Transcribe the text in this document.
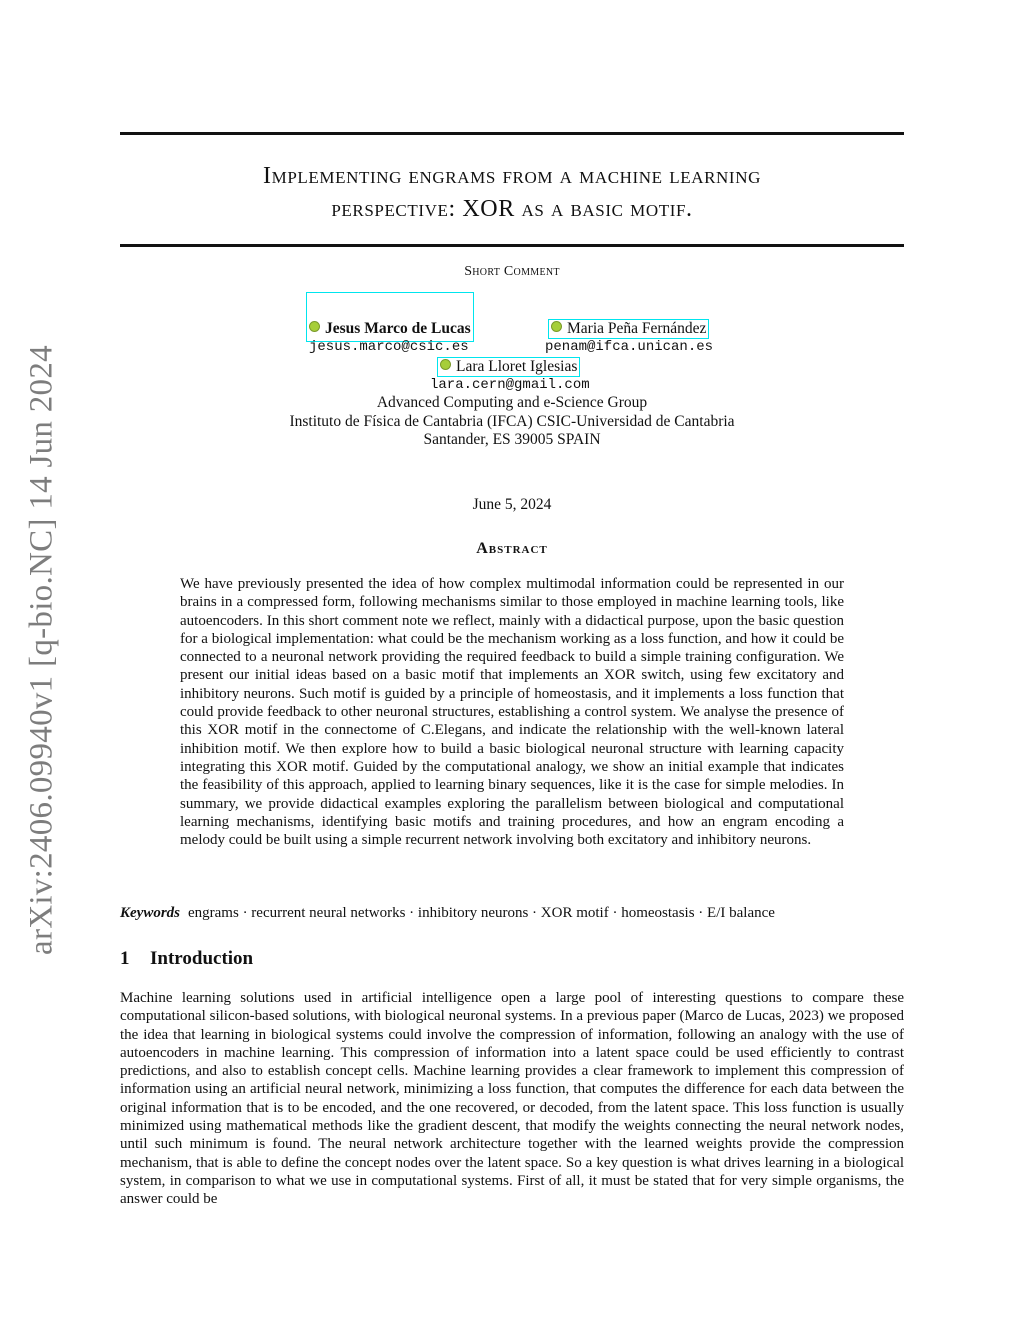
arXiv:2406.09940v1 [q-bio.NC] 14 Jun 2024
Implementing engrams from a machine learning
perspective: XOR as a basic motif.
Short Comment
Jesus Marco de Lucas
jesus.marco@csic.es
Maria Peña Fernández
penam@ifca.unican.es
Lara Lloret Iglesias
lara.cern@gmail.com
Advanced Computing and e-Science Group
Instituto de Física de Cantabria (IFCA) CSIC-Universidad de Cantabria
Santander, ES 39005 SPAIN
June 5, 2024
Abstract

We have previously presented the idea of how complex multimodal information could be represented in our brains in a compressed form, following mechanisms similar to those employed in machine learning tools, like autoencoders. In this short comment note we reflect, mainly with a didactical purpose, upon the basic question for a biological implementation: what could be the mechanism working as a loss function, and how it could be connected to a neuronal network providing the required feedback to build a simple training configuration. We present our initial ideas based on a basic motif that implements an XOR switch, using few excitatory and inhibitory neurons. Such motif is guided by a principle of homeostasis, and it implements a loss function that could provide feedback to other neuronal structures, establishing a control system. We analyse the presence of this XOR motif in the connectome of C.Elegans, and indicate the relationship with the well-known lateral inhibition motif. We then explore how to build a basic biological neuronal structure with learning capacity integrating this XOR motif. Guided by the computational analogy, we show an initial example that indicates the feasibility of this approach, applied to learning binary sequences, like it is the case for simple melodies. In summary, we provide didactical examples exploring the parallelism between biological and computational learning mechanisms, identifying basic motifs and training procedures, and how an engram encoding a melody could be built using a simple recurrent network involving both excitatory and inhibitory neurons.

Keywords engrams · recurrent neural networks · inhibitory neurons · XOR motif · homeostasis · E/I balance
1 Introduction

Machine learning solutions used in artificial intelligence open a large pool of interesting questions to compare these computational silicon-based solutions, with biological neuronal systems. In a previous paper (Marco de Lucas, 2023) we proposed the idea that learning in biological systems could involve the compression of information, following an analogy with the use of autoencoders in machine learning. This compression of information into a latent space could be used efficiently to contrast predictions, and also to establish concept cells. Machine learning provides a clear framework to implement this compression of information using an artificial neural network, minimizing a loss function, that computes the difference for each data between the original information that is to be encoded, and the one recovered, or decoded, from the latent space. This loss function is usually minimized using mathematical methods like the gradient descent, that modify the weights connecting the neural network nodes, until such minimum is found. The neural network architecture together with the learned weights provide the compression mechanism, that is able to define the concept nodes over the latent space. So a key question is what drives learning in a biological system, in comparison to what we use in computational systems. First of all, it must be stated that for very simple organisms, the answer could be
